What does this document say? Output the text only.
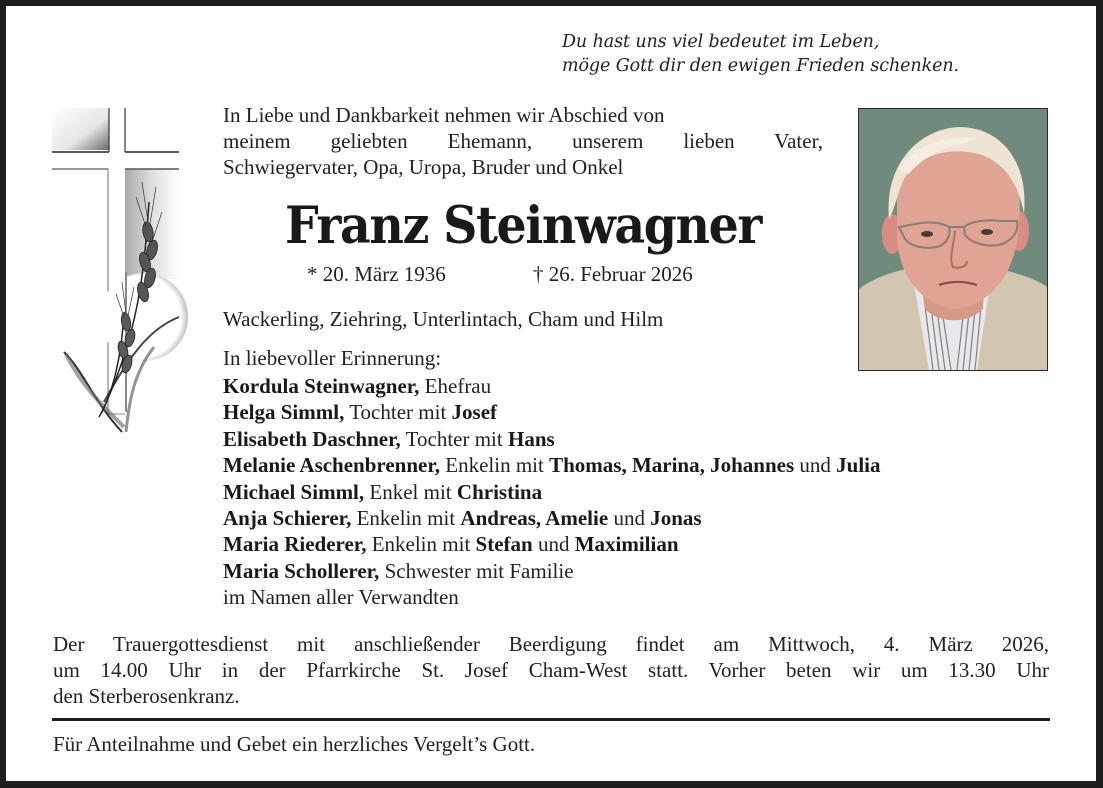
Du hast uns viel bedeutet im Leben,
möge Gott dir den ewigen Frieden schenken.
In Liebe und Dankbarkeit nehmen wir Abschied von
meinem geliebten Ehemann, unserem lieben Vater,
Schwiegervater, Opa, Uropa, Bruder und Onkel
Franz Steinwagner
* 20. März 1936	† 26. Februar 2026
Wackerling, Ziehring, Unterlintach, Cham und Hilm
In liebevoller Erinnerung:
Kordula Steinwagner, Ehefrau
Helga Simml, Tochter mit Josef
Elisabeth Daschner, Tochter mit Hans
Melanie Aschenbrenner, Enkelin mit Thomas, Marina, Johannes und Julia
Michael Simml, Enkel mit Christina
Anja Schierer, Enkelin mit Andreas, Amelie und Jonas
Maria Riederer, Enkelin mit Stefan und Maximilian
Maria Schollerer, Schwester mit Familie
im Namen aller Verwandten
Der Trauergottesdienst mit anschließender Beerdigung findet am Mittwoch, 4. März 2026,
um 14.00 Uhr in der Pfarrkirche St. Josef Cham-West statt. Vorher beten wir um 13.30 Uhr
den Sterberosenkranz.
Für Anteilnahme und Gebet ein herzliches Vergelt’s Gott.
